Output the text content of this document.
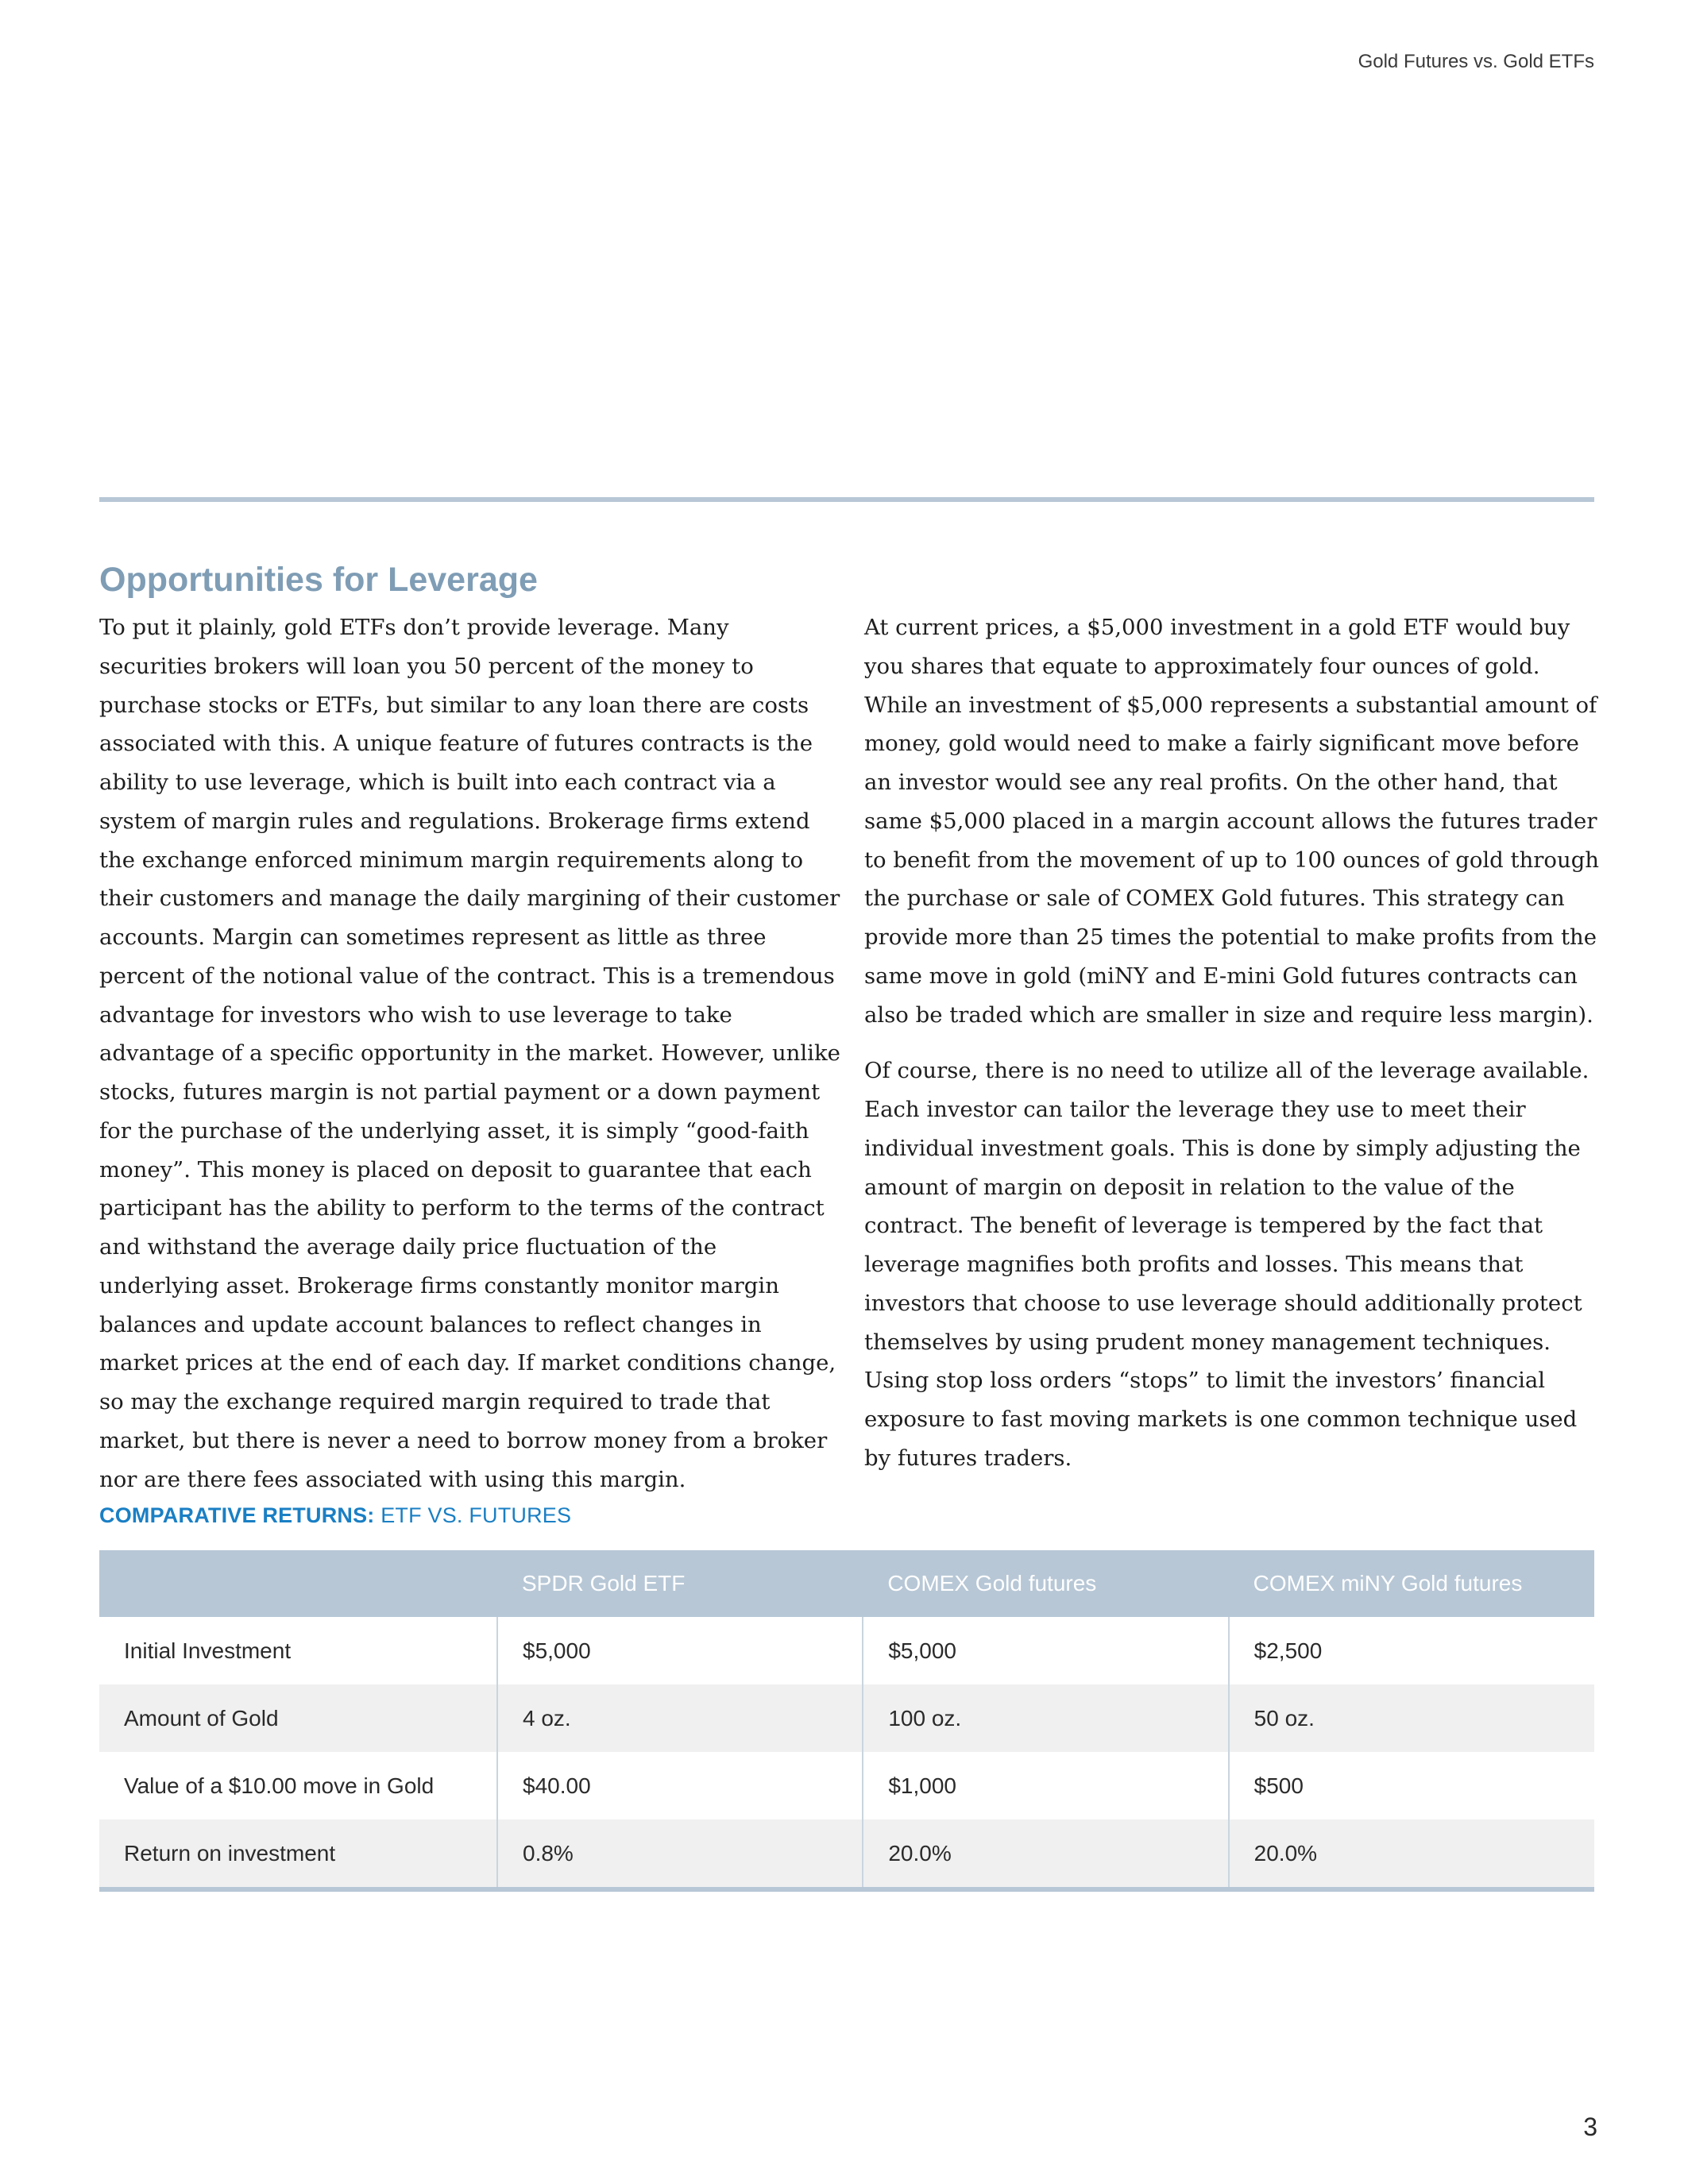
Gold Futures vs. Gold ETFs
Opportunities for Leverage

To put it plainly, gold ETFs don’t provide leverage. Many securities brokers will loan you 50 percent of the money to purchase stocks or ETFs, but similar to any loan there are costs associated with this. A unique feature of futures contracts is the ability to use leverage, which is built into each contract via a system of margin rules and regulations. Brokerage firms extend the exchange enforced minimum margin requirements along to their customers and manage the daily margining of their customer accounts. Margin can sometimes represent as little as three percent of the notional value of the contract. This is a tremendous advantage for investors who wish to use leverage to take advantage of a specific opportunity in the market. However, unlike stocks, futures margin is not partial payment or a down payment for the purchase of the underlying asset, it is simply “good-faith money”. This money is placed on deposit to guarantee that each participant has the ability to perform to the terms of the contract and withstand the average daily price fluctuation of the underlying asset. Brokerage firms constantly monitor margin balances and update account balances to reflect changes in market prices at the end of each day. If market conditions change, so may the exchange required margin required to trade that market, but there is never a need to borrow money from a broker nor are there fees associated with using this margin.

At current prices, a $5,000 investment in a gold ETF would buy you shares that equate to approximately four ounces of gold. While an investment of $5,000 represents a substantial amount of money, gold would need to make a fairly significant move before an investor would see any real profits. On the other hand, that same $5,000 placed in a margin account allows the futures trader to benefit from the movement of up to 100 ounces of gold through the purchase or sale of COMEX Gold futures. This strategy can provide more than 25 times the potential to make profits from the same move in gold (miNY and E-mini Gold futures contracts can also be traded which are smaller in size and require less margin).

Of course, there is no need to utilize all of the leverage available. Each investor can tailor the leverage they use to meet their individual investment goals. This is done by simply adjusting the amount of margin on deposit in relation to the value of the contract. The benefit of leverage is tempered by the fact that leverage magnifies both profits and losses. This means that investors that choose to use leverage should additionally protect themselves by using prudent money management techniques. Using stop loss orders “stops” to limit the investors’ financial exposure to fast moving markets is one common technique used by futures traders.

COMPARATIVE RETURNS: ETF VS. FUTURES
	SPDR Gold ETF	COMEX Gold futures	COMEX miNY Gold futures
Initial Investment	$5,000	$5,000	$2,500
Amount of Gold	4 oz.	100 oz.	50 oz.
Value of a $10.00 move in Gold	$40.00	$1,000	$500
Return on investment	0.8%	20.0%	20.0%
3
